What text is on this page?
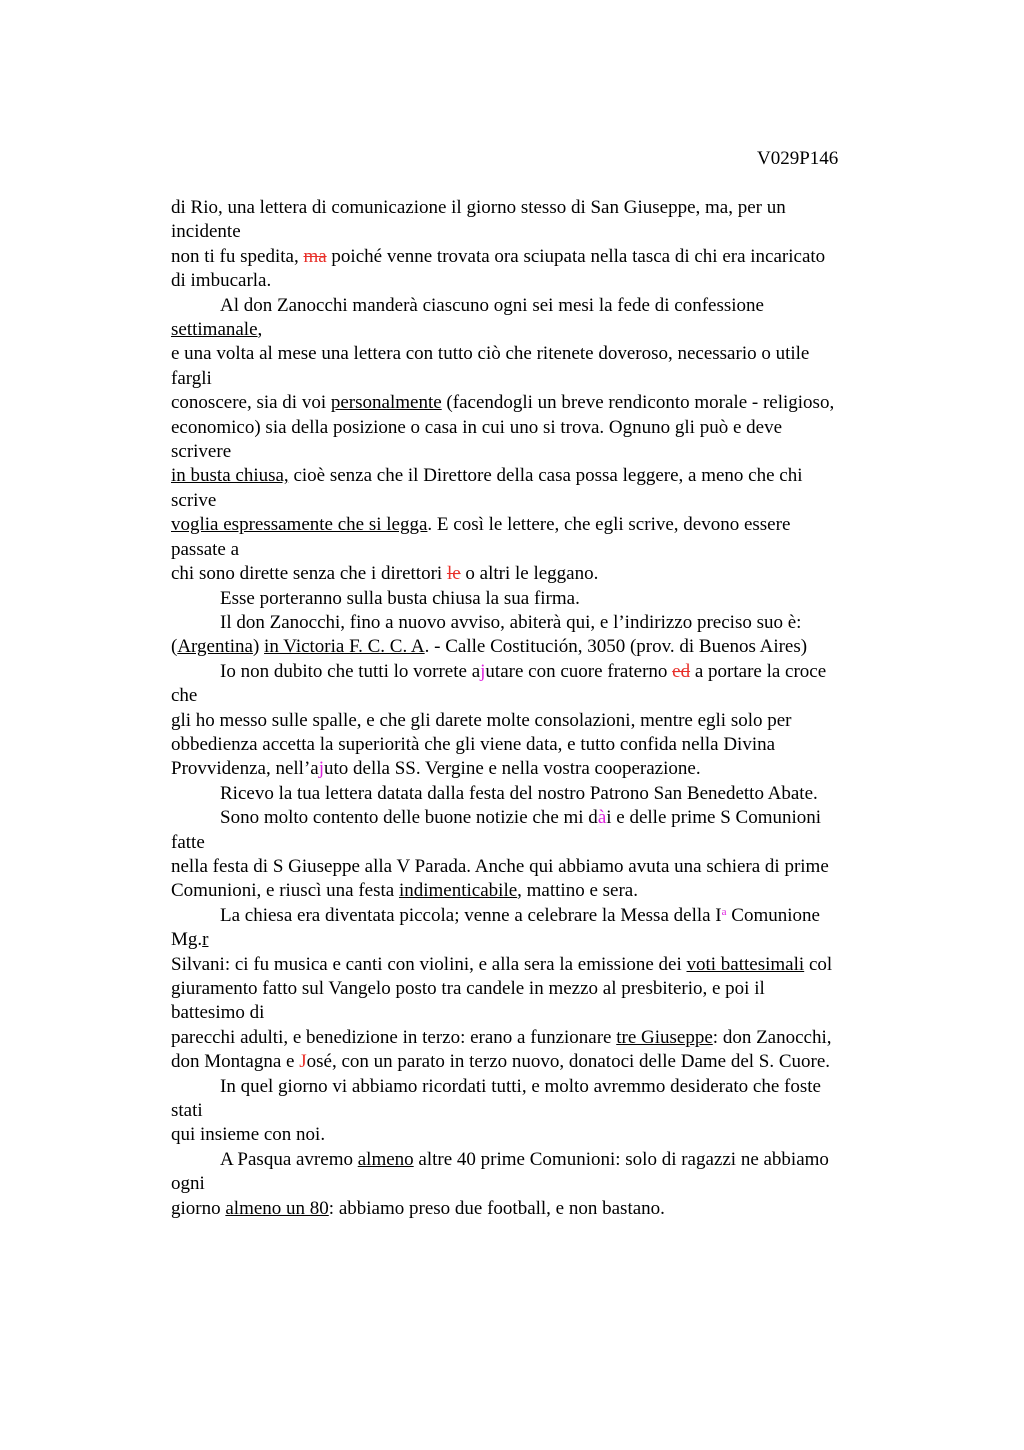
V029P146
di Rio, una lettera di comunicazione il giorno stesso di San Giuseppe, ma, per un
incidente
non ti fu spedita, ma poiché venne trovata ora sciupata nella tasca di chi era incaricato
di imbucarla.
Al don Zanocchi manderà ciascuno ogni sei mesi la fede di confessione
settimanale,
e una volta al mese una lettera con tutto ciò che ritenete doveroso, necessario o utile
fargli
conoscere, sia di voi personalmente (facendogli un breve rendiconto morale - religioso,
economico) sia della posizione o casa in cui uno si trova. Ognuno gli può e deve
scrivere
in busta chiusa, cioè senza che il Direttore della casa possa leggere, a meno che chi
scrive
voglia espressamente che si legga. E così le lettere, che egli scrive, devono essere
passate a
chi sono dirette senza che i direttori le o altri le leggano.
Esse porteranno sulla busta chiusa la sua firma.
Il don Zanocchi, fino a nuovo avviso, abiterà qui, e l’indirizzo preciso suo è:
(Argentina) in Victoria F. C. C. A. - Calle Costitución, 3050 (prov. di Buenos Aires)
Io non dubito che tutti lo vorrete ajutare con cuore fraterno ed a portare la croce
che
gli ho messo sulle spalle, e che gli darete molte consolazioni, mentre egli solo per
obbedienza accetta la superiorità che gli viene data, e tutto confida nella Divina
Provvidenza, nell’ajuto della SS. Vergine e nella vostra cooperazione.
Ricevo la tua lettera datata dalla festa del nostro Patrono San Benedetto Abate.
Sono molto contento delle buone notizie che mi dài e delle prime S Comunioni
fatte
nella festa di S Giuseppe alla V Parada. Anche qui abbiamo avuta una schiera di prime
Comunioni, e riuscì una festa indimenticabile, mattino e sera.
La chiesa era diventata piccola; venne a celebrare la Messa della $I^a$ Comunione
Mg.r
Silvani: ci fu musica e canti con violini, e alla sera la emissione dei voti battesimali col
giuramento fatto sul Vangelo posto tra candele in mezzo al presbiterio, e poi il
battesimo di
parecchi adulti, e benedizione in terzo: erano a funzionare tre Giuseppe: don Zanocchi,
don Montagna e José, con un parato in terzo nuovo, donatoci delle Dame del S. Cuore.
In quel giorno vi abbiamo ricordati tutti, e molto avremmo desiderato che foste
stati
qui insieme con noi.
A Pasqua avremo almeno altre 40 prime Comunioni: solo di ragazzi ne abbiamo
ogni
giorno almeno un 80: abbiamo preso due football, e non bastano.
